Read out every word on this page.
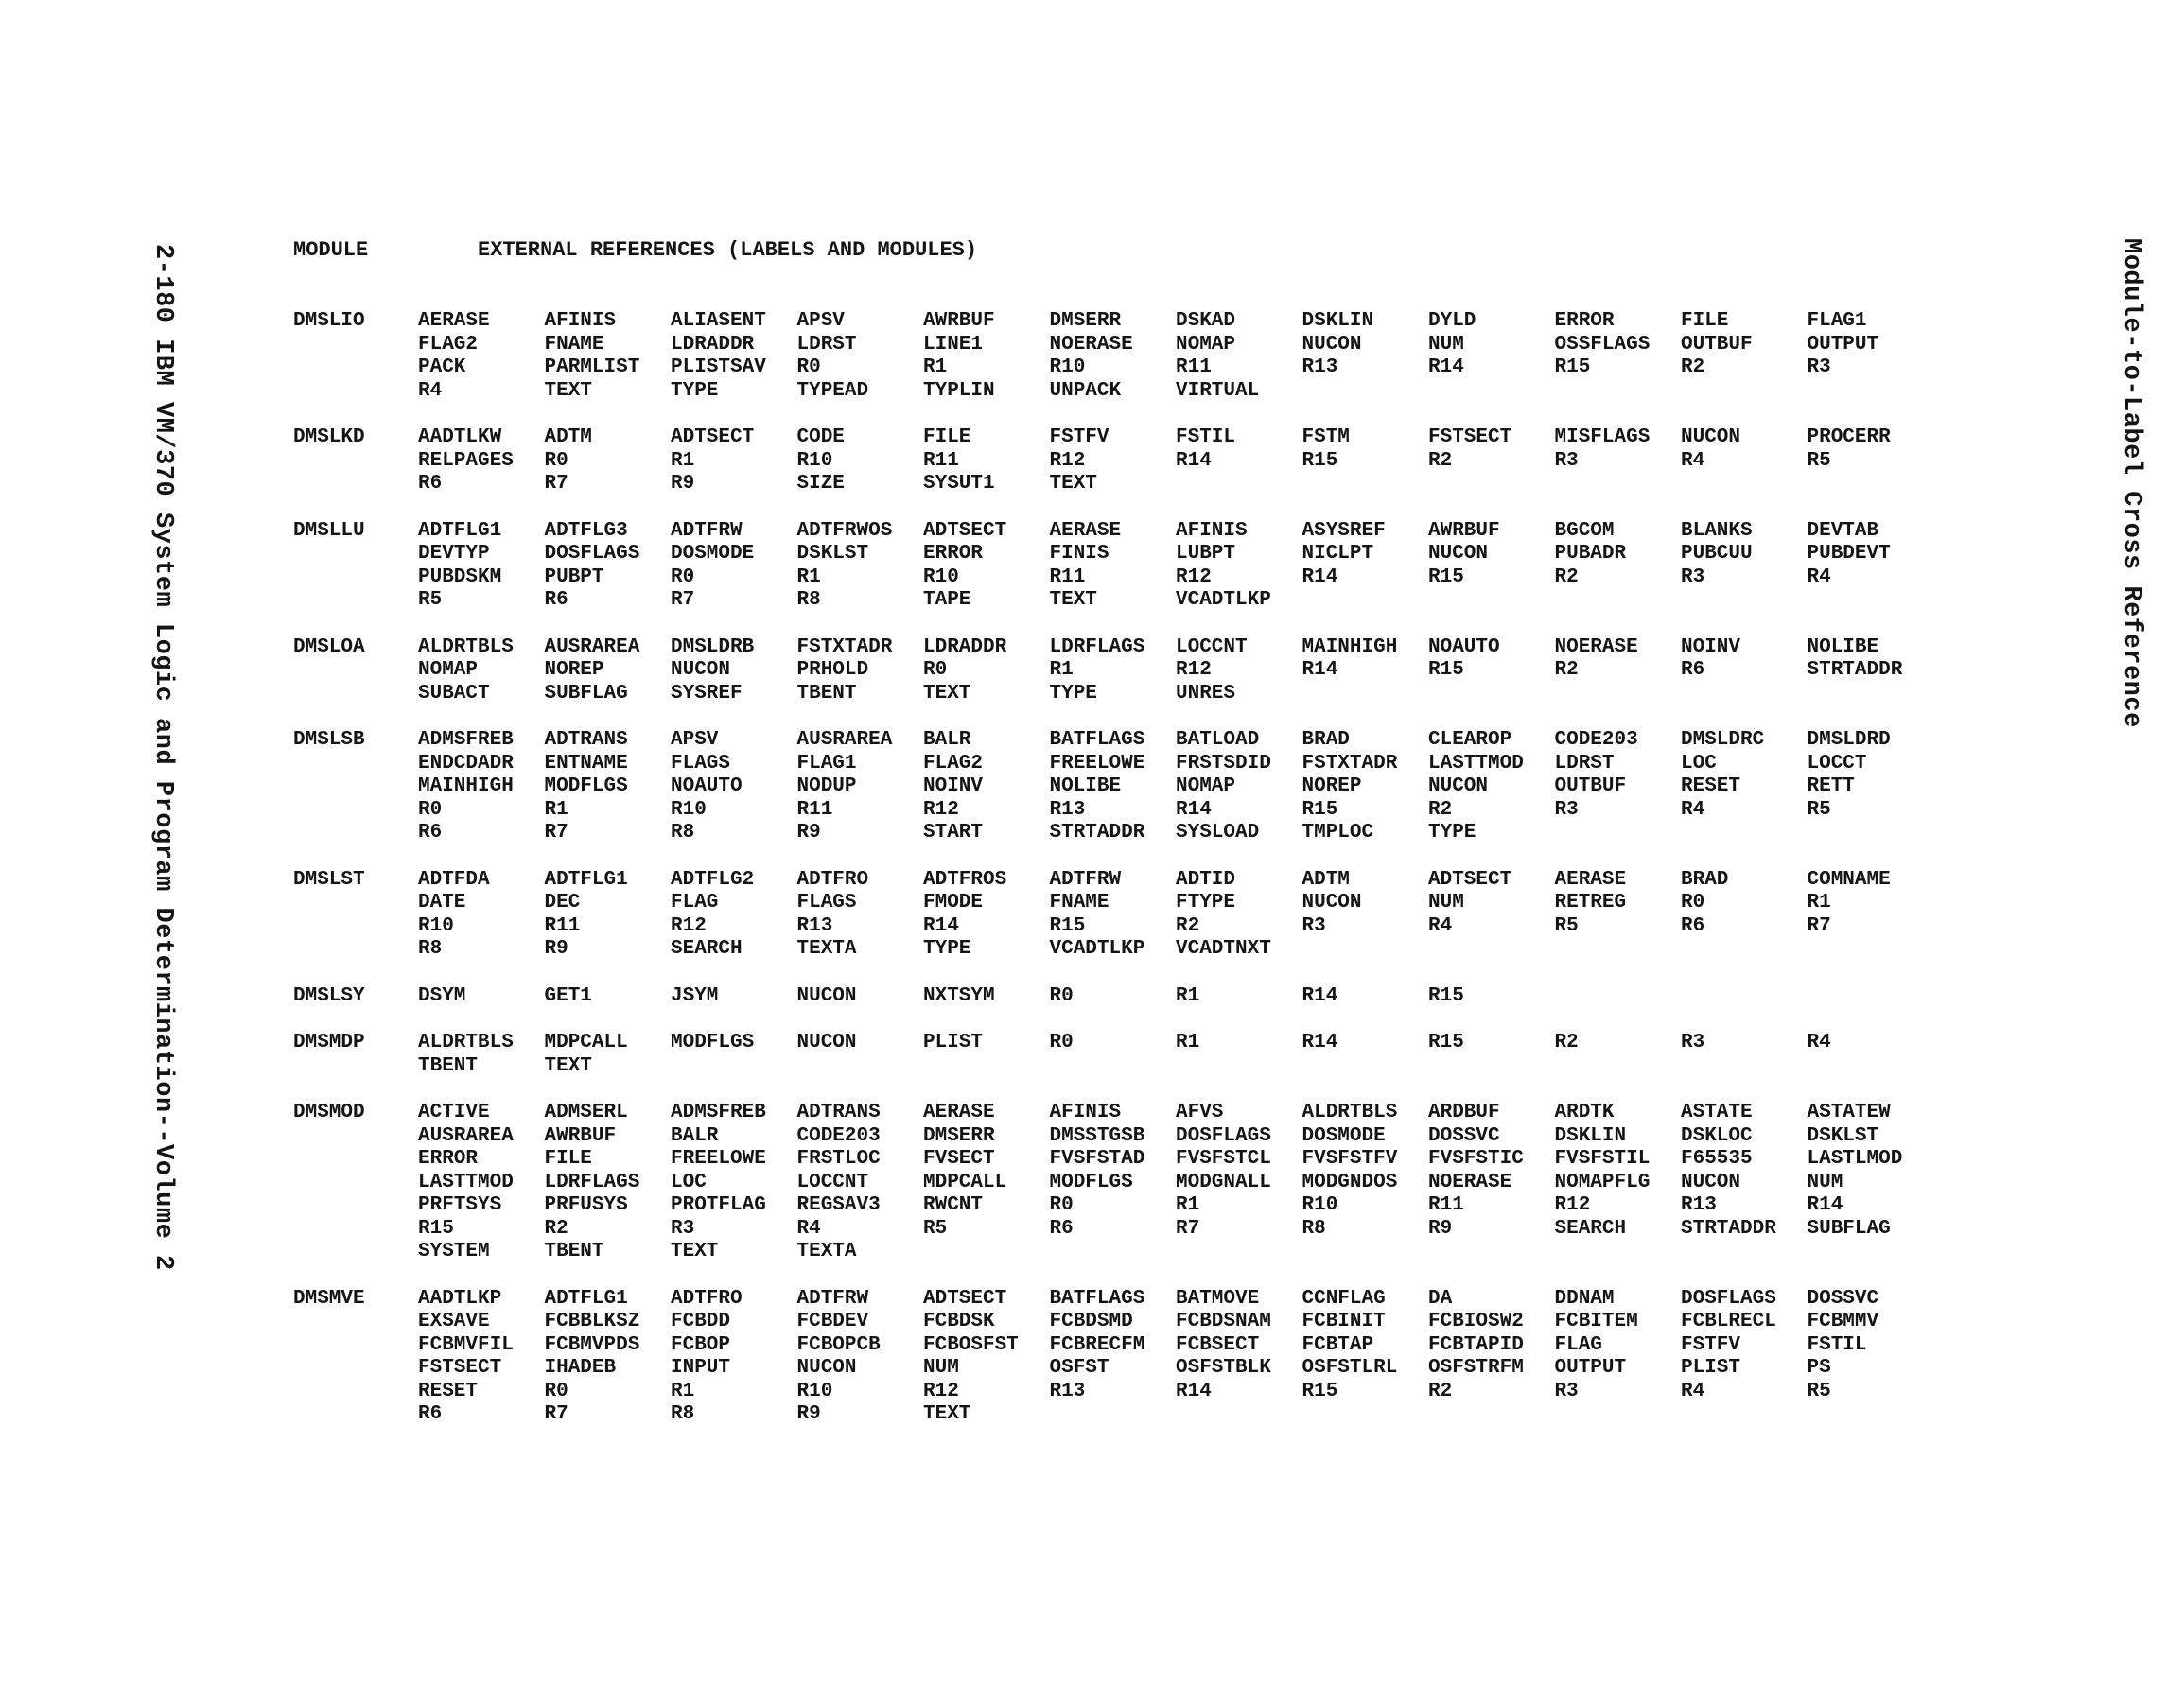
2-180 IBM VM/370 System Logic and Program Determination--Volume 2	Module-to-Label Cross Reference
MODULE	EXTERNAL REFERENCES (LABELS AND MODULES)
DMSLIO	AERASE	AFINIS	ALIASENT	APSV	AWRBUF	DMSERR	DSKAD	DSKLIN	DYLD	ERROR	FILE	FLAG1
FLAG2	FNAME	LDRADDR	LDRST	LINE1	NOERASE	NOMAP	NUCON	NUM	OSSFLAGS	OUTBUF	OUTPUT
PACK	PARMLIST	PLISTSAV	R0	R1	R10	R11	R13	R14	R15	R2	R3
R4	TEXT	TYPE	TYPEAD	TYPLIN	UNPACK	VIRTUAL
DMSLKD	AADTLKW	ADTM	ADTSECT	CODE	FILE	FSTFV	FSTIL	FSTM	FSTSECT	MISFLAGS	NUCON	PROCERR
RELPAGES	R0	R1	R10	R11	R12	R14	R15	R2	R3	R4	R5
R6	R7	R9	SIZE	SYSUT1	TEXT
DMSLLU	ADTFLG1	ADTFLG3	ADTFRW	ADTFRWOS	ADTSECT	AERASE	AFINIS	ASYSREF	AWRBUF	BGCOM	BLANKS	DEVTAB
DEVTYP	DOSFLAGS	DOSMODE	DSKLST	ERROR	FINIS	LUBPT	NICLPT	NUCON	PUBADR	PUBCUU	PUBDEVT
PUBDSKM	PUBPT	R0	R1	R10	R11	R12	R14	R15	R2	R3	R4
R5	R6	R7	R8	TAPE	TEXT	VCADTLKP
DMSLOA	ALDRTBLS	AUSRAREA	DMSLDRB	FSTXTADR	LDRADDR	LDRFLAGS	LOCCNT	MAINHIGH	NOAUTO	NOERASE	NOINV	NOLIBE
NOMAP	NOREP	NUCON	PRHOLD	R0	R1	R12	R14	R15	R2	R6	STRTADDR
SUBACT	SUBFLAG	SYSREF	TBENT	TEXT	TYPE	UNRES
DMSLSB	ADMSFREB	ADTRANS	APSV	AUSRAREA	BALR	BATFLAGS	BATLOAD	BRAD	CLEAROP	CODE203	DMSLDRC	DMSLDRD
ENDCDADR	ENTNAME	FLAGS	FLAG1	FLAG2	FREELOWE	FRSTSDID	FSTXTADR	LASTTMOD	LDRST	LOC	LOCCT
MAINHIGH	MODFLGS	NOAUTO	NODUP	NOINV	NOLIBE	NOMAP	NOREP	NUCON	OUTBUF	RESET	RETT
R0	R1	R10	R11	R12	R13	R14	R15	R2	R3	R4	R5
R6	R7	R8	R9	START	STRTADDR	SYSLOAD	TMPLOC	TYPE
DMSLST	ADTFDA	ADTFLG1	ADTFLG2	ADTFRO	ADTFROS	ADTFRW	ADTID	ADTM	ADTSECT	AERASE	BRAD	COMNAME
DATE	DEC	FLAG	FLAGS	FMODE	FNAME	FTYPE	NUCON	NUM	RETREG	R0	R1
R10	R11	R12	R13	R14	R15	R2	R3	R4	R5	R6	R7
R8	R9	SEARCH	TEXTA	TYPE	VCADTLKP	VCADTNXT
DMSLSY	DSYM	GET1	JSYM	NUCON	NXTSYM	R0	R1	R14	R15
DMSMDP	ALDRTBLS	MDPCALL	MODFLGS	NUCON	PLIST	R0	R1	R14	R15	R2	R3	R4
TBENT	TEXT
DMSMOD	ACTIVE	ADMSERL	ADMSFREB	ADTRANS	AERASE	AFINIS	AFVS	ALDRTBLS	ARDBUF	ARDTK	ASTATE	ASTATEW
AUSRAREA	AWRBUF	BALR	CODE203	DMSERR	DMSSTGSB	DOSFLAGS	DOSMODE	DOSSVC	DSKLIN	DSKLOC	DSKLST
ERROR	FILE	FREELOWE	FRSTLOC	FVSECT	FVSFSTAD	FVSFSTCL	FVSFSTFV	FVSFSTIC	FVSFSTIL	F65535	LASTLMOD
LASTTMOD	LDRFLAGS	LOC	LOCCNT	MDPCALL	MODFLGS	MODGNALL	MODGNDOS	NOERASE	NOMAPFLG	NUCON	NUM
PRFTSYS	PRFUSYS	PROTFLAG	REGSAV3	RWCNT	R0	R1	R10	R11	R12	R13	R14
R15	R2	R3	R4	R5	R6	R7	R8	R9	SEARCH	STRTADDR	SUBFLAG
SYSTEM	TBENT	TEXT	TEXTA
DMSMVE	AADTLKP	ADTFLG1	ADTFRO	ADTFRW	ADTSECT	BATFLAGS	BATMOVE	CCNFLAG	DA	DDNAM	DOSFLAGS	DOSSVC
EXSAVE	FCBBLKSZ	FCBDD	FCBDEV	FCBDSK	FCBDSMD	FCBDSNAM	FCBINIT	FCBIOSW2	FCBITEM	FCBLRECL	FCBMMV
FCBMVFIL	FCBMVPDS	FCBOP	FCBOPCB	FCBOSFST	FCBRECFM	FCBSECT	FCBTAP	FCBTAPID	FLAG	FSTFV	FSTIL
FSTSECT	IHADEB	INPUT	NUCON	NUM	OSFST	OSFSTBLK	OSFSTLRL	OSFSTRFM	OUTPUT	PLIST	PS
RESET	R0	R1	R10	R12	R13	R14	R15	R2	R3	R4	R5
R6	R7	R8	R9	TEXT
